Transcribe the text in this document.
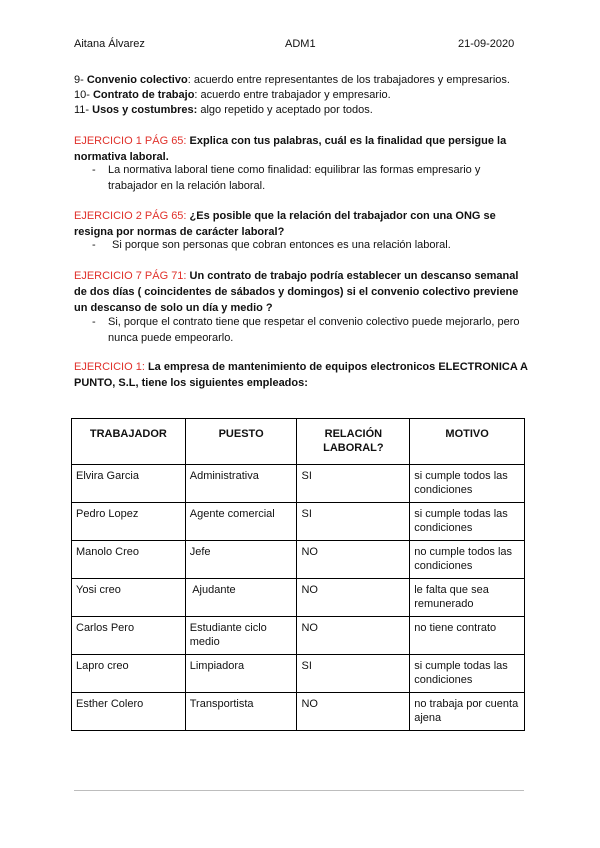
Aitana Álvarez	ADM1	21-09-2020
9- Convenio colectivo: acuerdo entre representantes de los trabajadores y empresarios.
10- Contrato de trabajo: acuerdo entre trabajador y empresario.
11- Usos y costumbres: algo repetido y aceptado por todos.
EJERCICIO 1 PÁG 65: Explica con tus palabras, cuál es la finalidad que persigue la normativa laboral.
- La normativa laboral tiene como finalidad: equilibrar las formas empresario y trabajador en la relación laboral.
EJERCICIO 2 PÁG 65: ¿Es posible que la relación del trabajador con una ONG se resigna por normas de carácter laboral?
- Si porque son personas que cobran entonces es una relación laboral.
EJERCICIO 7 PÁG 71: Un contrato de trabajo podría establecer un descanso semanal de dos días ( coincidentes de sábados y domingos) si el convenio colectivo previene un descanso de solo un día y medio ?
- Si, porque el contrato tiene que respetar el convenio colectivo puede mejorarlo, pero nunca puede empeorarlo.
EJERCICIO 1: La empresa de mantenimiento de equipos electronicos ELECTRONICA A PUNTO, S.L, tiene los siguientes empleados:
TRABAJADOR	PUESTO	RELACIÓN LABORAL?	MOTIVO
Elvira Garcia	Administrativa	SI	si cumple todos las condiciones
Pedro Lopez	Agente comercial	SI	si cumple todas las condiciones
Manolo Creo	Jefe	NO	no cumple todos las condiciones
Yosi creo	Ajudante	NO	le falta que sea remunerado
Carlos Pero	Estudiante ciclo medio	NO	no tiene contrato
Lapro creo	Limpiadora	SI	si cumple todas las condiciones
Esther Colero	Transportista	NO	no trabaja por cuenta ajena
